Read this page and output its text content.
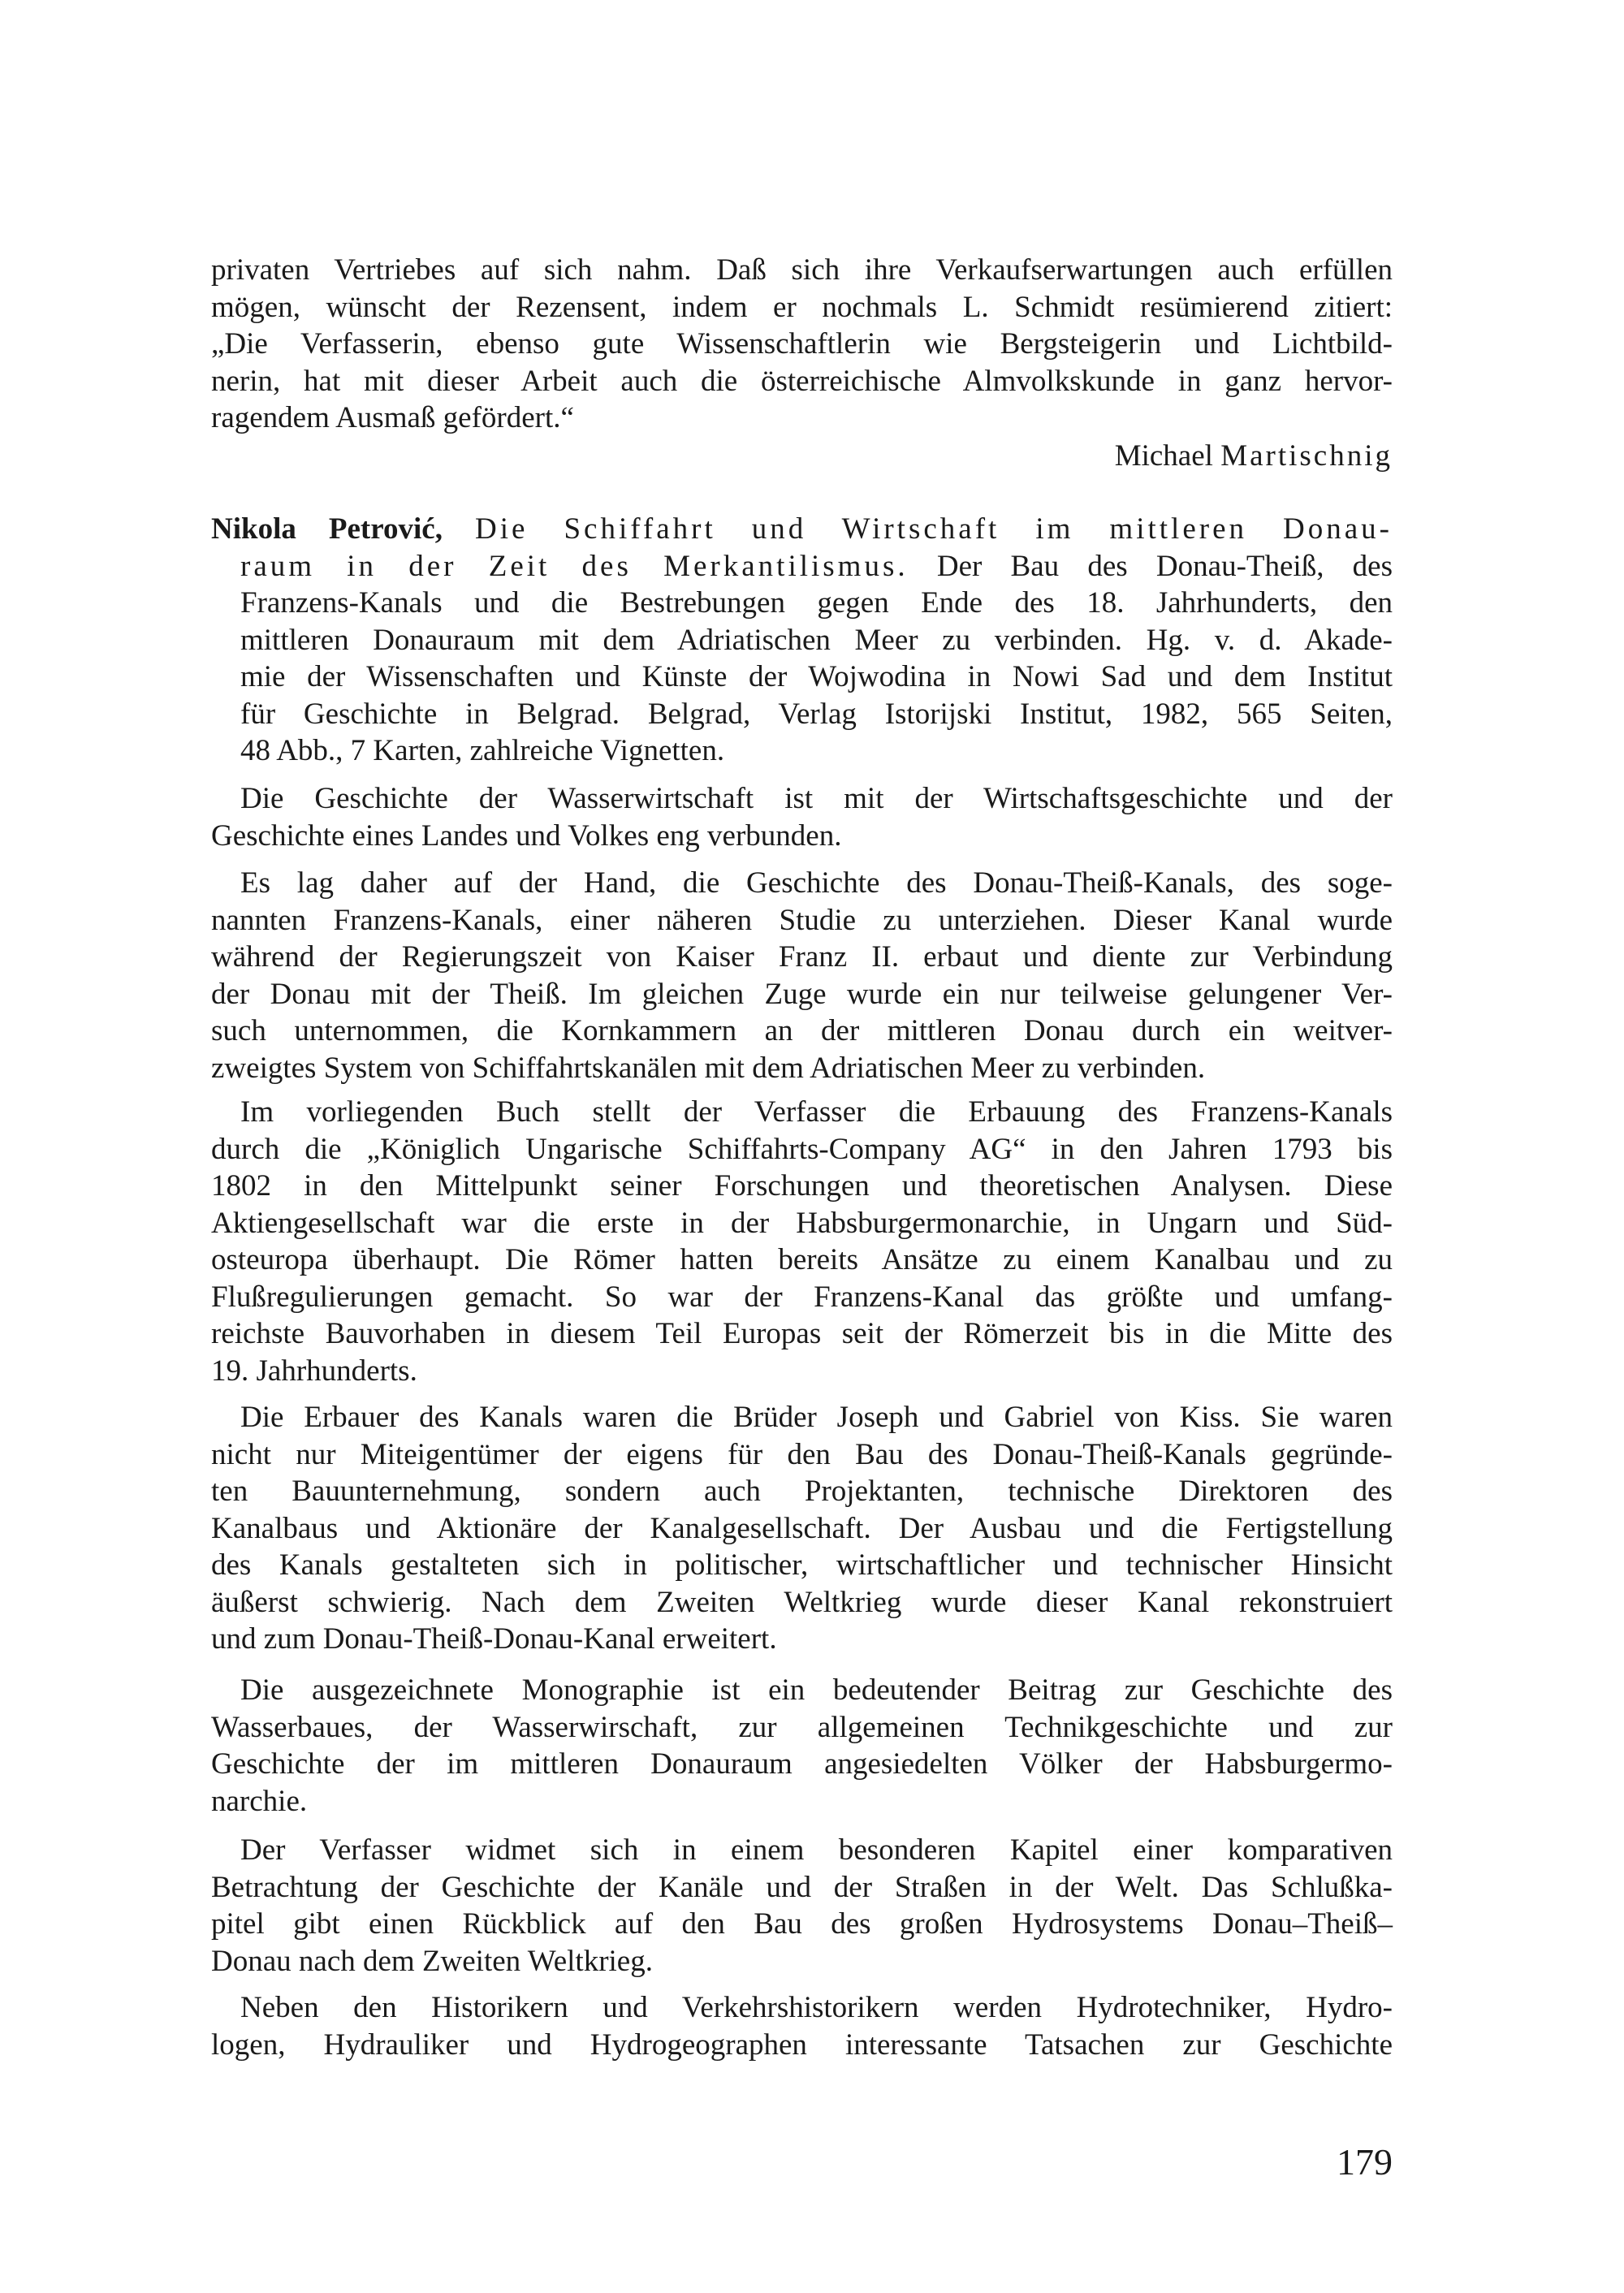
privaten Vertriebes auf sich nahm. Daß sich ihre Verkaufserwartungen auch erfüllen
mögen, wünscht der Rezensent, indem er nochmals L. Schmidt resümierend zitiert:
„Die Verfasserin, ebenso gute Wissenschaftlerin wie Bergsteigerin und Lichtbild-
nerin, hat mit dieser Arbeit auch die österreichische Almvolkskunde in ganz hervor-
ragendem Ausmaß gefördert.“
Michael Martischnig
Nikola Petrović, Die Schiffahrt und Wirtschaft im mittleren Donau-
raum in der Zeit des Merkantilismus. Der Bau des Donau-Theiß, des
Franzens-Kanals und die Bestrebungen gegen Ende des 18. Jahrhunderts, den
mittleren Donauraum mit dem Adriatischen Meer zu verbinden. Hg. v. d. Akade-
mie der Wissenschaften und Künste der Wojwodina in Nowi Sad und dem Institut
für Geschichte in Belgrad. Belgrad, Verlag Istorijski Institut, 1982, 565 Seiten,
48 Abb., 7 Karten, zahlreiche Vignetten.
Die Geschichte der Wasserwirtschaft ist mit der Wirtschaftsgeschichte und der
Geschichte eines Landes und Volkes eng verbunden.
Es lag daher auf der Hand, die Geschichte des Donau-Theiß-Kanals, des soge-
nannten Franzens-Kanals, einer näheren Studie zu unterziehen. Dieser Kanal wurde
während der Regierungszeit von Kaiser Franz II. erbaut und diente zur Verbindung
der Donau mit der Theiß. Im gleichen Zuge wurde ein nur teilweise gelungener Ver-
such unternommen, die Kornkammern an der mittleren Donau durch ein weitver-
zweigtes System von Schiffahrtskanälen mit dem Adriatischen Meer zu verbinden.
Im vorliegenden Buch stellt der Verfasser die Erbauung des Franzens-Kanals
durch die „Königlich Ungarische Schiffahrts-Company AG“ in den Jahren 1793 bis
1802 in den Mittelpunkt seiner Forschungen und theoretischen Analysen. Diese
Aktiengesellschaft war die erste in der Habsburgermonarchie, in Ungarn und Süd-
osteuropa überhaupt. Die Römer hatten bereits Ansätze zu einem Kanalbau und zu
Flußregulierungen gemacht. So war der Franzens-Kanal das größte und umfang-
reichste Bauvorhaben in diesem Teil Europas seit der Römerzeit bis in die Mitte des
19. Jahrhunderts.
Die Erbauer des Kanals waren die Brüder Joseph und Gabriel von Kiss. Sie waren
nicht nur Miteigentümer der eigens für den Bau des Donau-Theiß-Kanals gegründe-
ten Bauunternehmung, sondern auch Projektanten, technische Direktoren des
Kanalbaus und Aktionäre der Kanalgesellschaft. Der Ausbau und die Fertigstellung
des Kanals gestalteten sich in politischer, wirtschaftlicher und technischer Hinsicht
äußerst schwierig. Nach dem Zweiten Weltkrieg wurde dieser Kanal rekonstruiert
und zum Donau-Theiß-Donau-Kanal erweitert.
Die ausgezeichnete Monographie ist ein bedeutender Beitrag zur Geschichte des
Wasserbaues, der Wasserwirschaft, zur allgemeinen Technikgeschichte und zur
Geschichte der im mittleren Donauraum angesiedelten Völker der Habsburgermo-
narchie.
Der Verfasser widmet sich in einem besonderen Kapitel einer komparativen
Betrachtung der Geschichte der Kanäle und der Straßen in der Welt. Das Schlußka-
pitel gibt einen Rückblick auf den Bau des großen Hydrosystems Donau–Theiß–
Donau nach dem Zweiten Weltkrieg.
Neben den Historikern und Verkehrshistorikern werden Hydrotechniker, Hydro-
logen, Hydrauliker und Hydrogeographen interessante Tatsachen zur Geschichte
179
